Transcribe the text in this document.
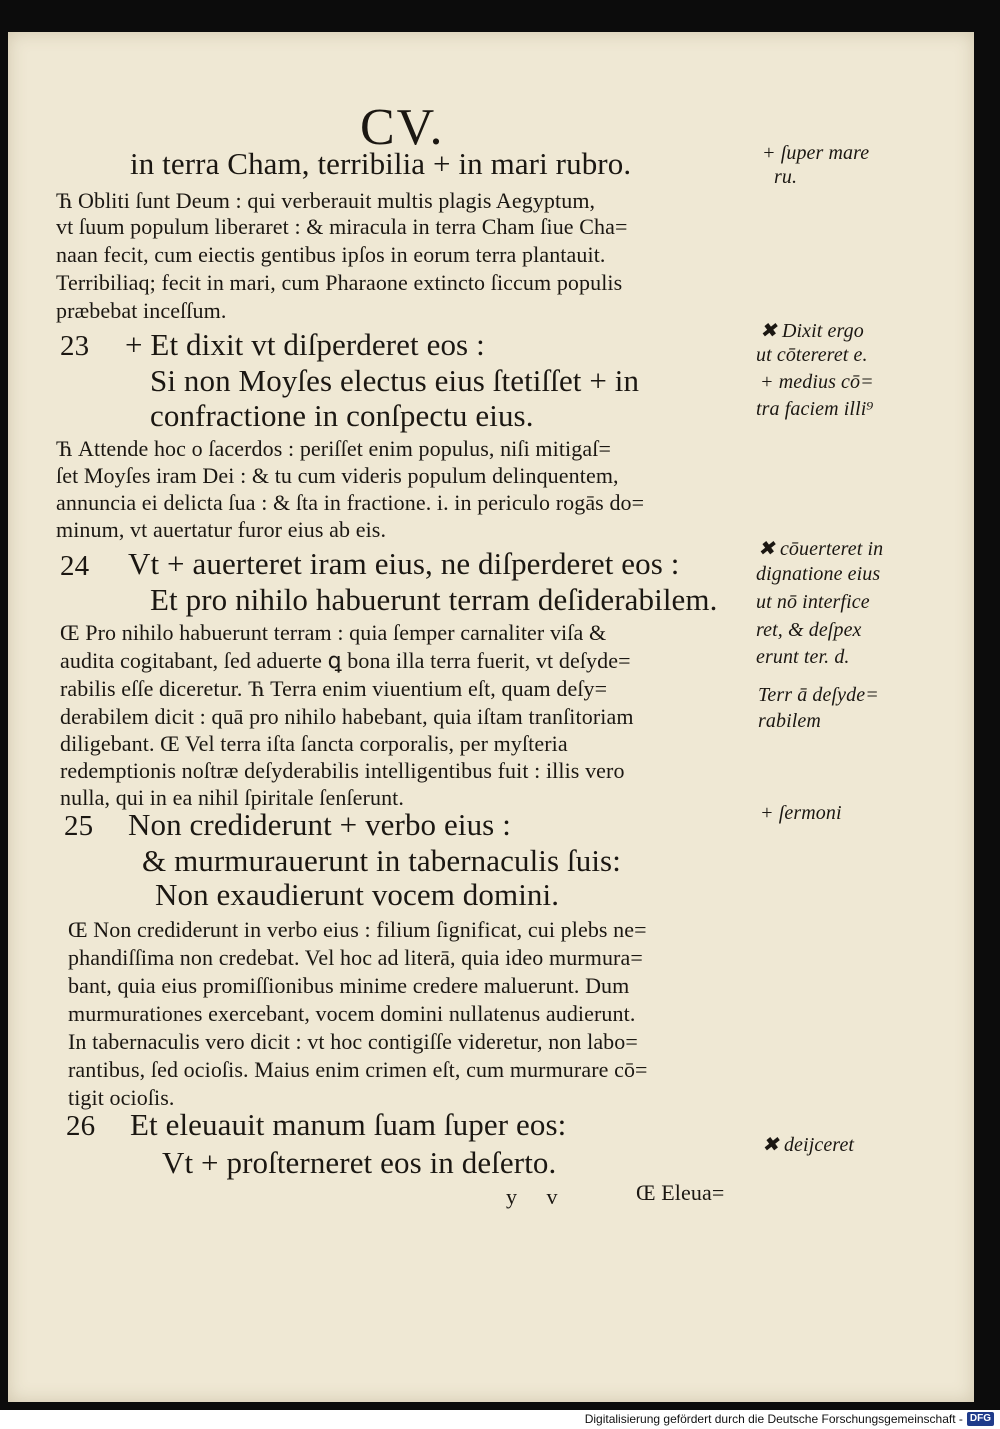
CV.
in terra Cham, terribilia + in mari rubro.
23 + Et dixit vt diſperderet eos :
Si non Moyſes electus eius ſtetiſſet + in
confractione in conſpectu eius.
24 Vt + auerteret iram eius, ne diſperderet eos :
Et pro nihilo habuerunt terram deſiderabilem.
25 Non crediderunt + verbo eius :
& murmurauerunt in tabernaculis ſuis:
Non exaudierunt vocem domini.
26 Et eleuauit manum ſuam ſuper eos:
Vt + proſterneret eos in deſerto.
Ћ Obliti ſunt Deum : qui verberauit multis plagis Aegyptum,
vt ſuum populum liberaret : & miracula in terra Cham ſiue Cha=
naan fecit, cum eiectis gentibus ipſos in eorum terra plantauit.
Terribiliaq; fecit in mari, cum Pharaone extincto ſiccum populis
præbebat inceſſum.
Ћ Attende hoc o ſacerdos : periſſet enim populus, niſi mitigaſ=
ſet Moyſes iram Dei : & tu cum videris populum delinquentem,
annuncia ei delicta ſua : & ſta in fractione. i. in periculo rogās do=
minum, vt auertatur furor eius ab eis.
Œ Pro nihilo habuerunt terram : quia ſemper carnaliter viſa &
audita cogitabant, ſed aduerte ꝗ bona illa terra fuerit, vt deſyde=
rabilis eſſe diceretur. Ћ Terra enim viuentium eſt, quam deſy=
derabilem dicit : quā pro nihilo habebant, quia iſtam tranſitoriam
diligebant. Œ Vel terra iſta ſancta corporalis, per myſteria
redemptionis noſtræ deſyderabilis intelligentibus fuit : illis vero
nulla, qui in ea nihil ſpiritale ſenſerunt.
Œ Non crediderunt in verbo eius : filium ſignificat, cui plebs ne=
phandiſſima non credebat. Vel hoc ad literā, quia ideo murmura=
bant, quia eius promiſſionibus minime credere maluerunt. Dum
murmurationes exercebant, vocem domini nullatenus audierunt.
In tabernaculis vero dicit : vt hoc contigiſſe videretur, non labo=
rantibus, ſed ocioſis. Maius enim crimen eſt, cum murmurare cō=
tigit ocioſis.
+ ſuper mare
ru.
✖ Dixit ergo
ut cōtereret e.
+ medius cō=
tra faciem illi⁹
✖ cōuerteret in
dignatione eius
ut nō interfice
ret, & deſpex
erunt ter. d.
Terr ā deſyde=
rabilem
+ ſermoni
✖ deijceret
y v	Œ Eleua=
Digitalisierung gefördert durch die Deutsche Forschungsgemeinschaft - DFG
